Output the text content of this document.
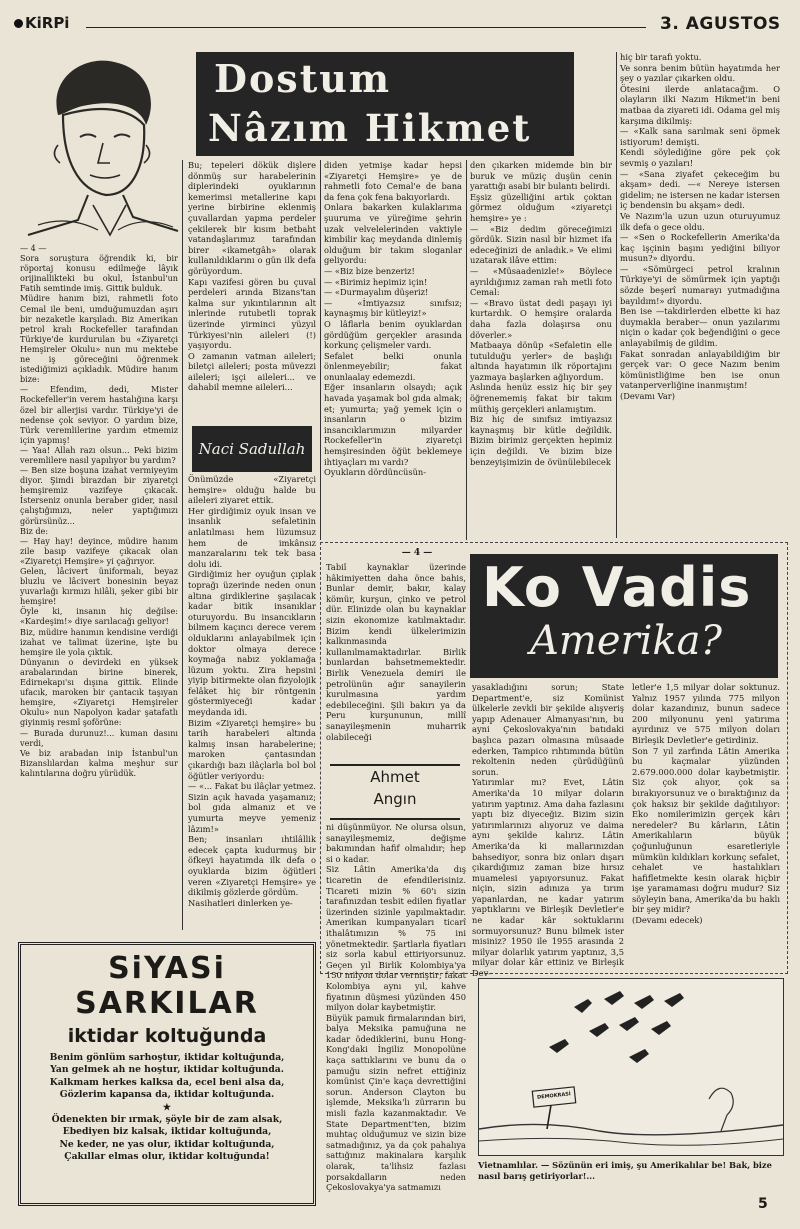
KiRPi	3. AGUSTOS
Dostum
Nâzım Hikmet
— 4 —
Sora soruştura öğrendik ki, bir röportaj konusu edilmeğe lâyık orijinallikteki bu okul, İstanbul'un Fatih semtinde imiş. Gittik bulduk.
Müdire hanım bizi, rahmetli foto Cemal ile beni, umduğumuzdan aşırı bir nezaketle karşıladı. Biz Amerikan petrol kralı Rockefeller tarafından Türkiye'de kurdurulan bu «Ziyaretçi Hemşireler Okulu» nun mu mektebe ne iş göreceğini öğrenmek istediğimizi açıkladık. Müdire hanım bize:
— Efendim, dedi, Mister Rockefeller'in verem hastalığına karşı özel bir allerjisi vardır. Türkiye'yi de nedense çok seviyor. O yardım bize, Türk veremlilerine yardım etmemiz için yapmış!
— Yaa! Allah razı olsun... Peki bizim veremlilere nasıl yapılıyor bu yardım?
— Ben size boşuna izahat vermiyeyim diyor. Şimdi birazdan bir ziyaretçi hemşiremiz vazifeye çıkacak. İsterseniz onunla beraber gider, nasıl çalıştığımızı, neler yaptığımızı görürsünüz...
Biz de:
— Hay hay! deyince, müdire hanım zile basıp vazifeye çıkacak olan «Ziyaretçi Hemşire» yi çağırıyor.
Gelen, lâcivert üniformalı, beyaz bluzlu ve lâcivert bonesinin beyaz yuvarlağı kırmızı hilâli, şeker gibi bir hemşire!
Öyle ki, insanın hiç değilse: «Kardeşim!» diye sarılacağı geliyor!
Biz, müdire hanımın kendisine verdiği izahat ve talimat üzerine, işte bu hemşire ile yola çıktık.
Dünyanın o devirdeki en yüksek arabalarından birine binerek, Edirnekapı'sı dışına gittik. Elinde ufacık, maroken bir çantacık taşıyan hemşire, «Ziyaretçi Hemşireler Okulu» nun Napolyon kadar şatafatlı giyinmiş resmî şoförüne:
— Burada durunuz!... kuman dasını verdi,
Ve biz arabadan inip İstanbul'un Bizanslılardan kalma meşhur sur kalıntılarına doğru yürüdük.
Bu; tepeleri dökük dişlere dönmüş sur harabelerinin diplerindeki oyuklarının kemerimsi metallerine kapı yerine birbirine eklenmiş çuvallardan yapma perdeler çekilerek bir kısım betbaht vatandaşlarımız tarafından birer «ikametgâh» olarak kullanıldıklarını o gün ilk defa görüyordum.
Kapı vazifesi gören bu çuval perdeleri arında Bizans'tan kalma sur yıkıntılarının alt inlerinde rutubetli toprak üzerinde yirminci yüzyıl Türkiyesi'nin aileleri (!) yaşıyordu.
O zamanın vatman aileleri; biletçi aileleri; posta müvezzi aileleri; işçi aileleri... ve dahabil memne aileleri...
Naci Sadullah
Önümüzde «Ziyaretçi hemşire» olduğu halde bu aileleri ziyaret ettik.
Her girdiğimiz oyuk insan ve insanlık sefaletinin anlatılması hem lüzumsuz hem de imkânsız manzaralarını tek tek basa dolu idi.
Girdiğimiz her oyuğun çıplak toprağı üzerinde neden onun altına girdiklerine şaşılacak kadar bitik insanıklar oturuyordu. Bu insancıkların bilmem kaçıncı derece verem olduklarını anlayabilmek için doktor olmaya derece koymağa nabız yoklamağa lüzum yoktu. Zira hepsini yiyip bitirmekte olan fizyolojik felâket hiç bir röntgenin göstermiyeceği kadar meydanda idi.
Bizim «Ziyaretçi hemşire» bu tarih harabeleri altında kalmış insan harabelerine; maroken çantasından çıkardığı bazı ilâçlarla bol bol öğütler veriyordu:
— «... Fakat bu ilâçlar yetmez. Sizin açık havada yaşamanız; bol gıda almanız et ve yumurta meyve yemeniz lâzım!»
Ben; insanları ıhtilâllik edecek çapta kudurmuş bir öfkeyi hayatımda ilk defa o oyuklarda bizim öğütleri veren «Ziyaretçi Hemşire» ye dikilmiş gözlerde gördüm.
Nasihatleri dinlerken ye-
diden yetmişe kadar hepsi «Ziyaretçi Hemşire» ye de rahmetli foto Cemal'e de bana da fena çok fena bakıyorlardı.
Onlara bakarken kulaklarıma şuuruma ve yüreğime şehrin uzak velvelelerinden vaktiyle kimbilir kaç meydanda dinlemiş olduğum bir takım sloganlar geliyordu:
— «Biz bize benzeriz!
— «Birimiz hepimiz için!
— «Durmayalım düşeriz!
— «İmtiyazsız sınıfsız; kaynaşmış bir kütleyiz!»
O lâflarla benim oyuklardan gördüğüm gerçekler arasında korkunç çelişmeler vardı.
Sefalet belki onunla önlenmeyebilir; fakat onunlaalay edemezdi.
Eğer insanların olsaydı; açık havada yaşamak bol gıda almak; et; yumurta; yağ yemek için o insanların o bizim insancıklarımızın milyarder Rockefeller'in ziyaretçi hemşiresinden öğüt beklemeye ihtiyaçları mı vardı?
Oyukların dördüncüsün-
den çıkarken midemde bin bir buruk ve müziç duşün cenin yarattığı asabi bir bulantı belirdi.
Eşsiz güzelliğini artık çoktan görmez olduğum «ziyaretçi hemşire» ye :
— «Biz dedim göreceğimizi gördük. Sizin nasıl bir hizmet ifa edeceğinizi de anladık.» Ve elimi uzatarak ilâve ettim:
— «Müsaadenizle!» Böylece ayrıldığımız zaman rah metli foto Cemal:
— «Bravo üstat dedi paşayı iyi kurtardık. O hemşire oralarda daha fazla dolaşırsa onu döverler.»
Matbaaya dönüp «Sefaletin elle tutulduğu yerler» de başlığı altında hayatımın ilk röportajını yazmaya başlarken ağlıyordum.
Aslında henüz essiz hiç bir şey öğrenememiş fakat bir takım müthiş gerçekleri anlamıştım.
Biz hiç de sınıfsız imtiyazsız kaynaşmış bir kütle değildik. Bizim birimiz gerçekten hepimiz için değildi. Ve bizim bize benzeyişimizin de övünülebilecek
hiç bir tarafı yoktu.
Ve sonra benim bütün hayatımda her şey o yazılar çıkarken oldu.
Ötesini ilerde anlatacağım. O olayların ilki Nazım Hikmet'in beni matbaa da ziyareti idi. Odama gel miş karşıma dikilmiş:
— «Kalk sana sarılmak seni öpmek istiyorum! demişti.
Kendi söylediğine göre pek çok sevmiş o yazıları!
— «Sana ziyafet çekeceğim bu akşam» dedi. —« Nereye istersen gidelim; ne istersen ne kadar istersen iç bendensin bu akşam» dedi.
Ve Nazım'la uzun uzun oturuyumuz ilk defa o gece oldu.
— «Sen o Rockefellerin Amerika'da kaç işçinin başını yediğini biliyor musun?» diyordu.
— «Sömürgeci petrol kralının Türkiye'yi de sömürmek için yaptığı sözde beşerî numarayı yutmadığına bayıldım!» diyordu.
Ben ise —takdirlerden elbette ki haz duymakla beraber— onun yazılarımı niçin o kadar çok beğendiğini o gece anlayabilmiş de gildim.
Fakat sonradan anlayabildiğim bir gerçek var: O gece Nazım benim kömünistliğime ben ise onun vatanperverliğine inanmıştım!
(Devamı Var)
— 4 —
Tabiî kaynaklar üzerinde hâkimiyetten daha önce bahis, Bunlar demir, bakır, kalay kömür, kurşun, çinko ve petrol dür. Elinizde olan bu kaynaklar sizin ekonomize katılmaktadır. Bizim kendi ülkelerimizin kalkınmasında kullanılmamaktadırlar. Birlik bunlardan bahsetmemektedir. Birlik Venezuela demiri ile petrolünün ağır sanayilerin kurulmasına yardım edebileceğini. Şili bakırı ya da Peru kurşununun, millî sanayileşmenin muharrik olabileceği
Ko Vadis
Amerika?
Ahmet
Angın
ni düşünmüyor. Ne olursa olsun, sanayileşmemiz, değişme bakımından hafif olmalıdır; hep si o kadar.
Siz Lâtin Amerika'da dış ticaretin de efendilerisiniz. Ticareti mizin % 60'ı sizin tarafınızdan tesbit edilen fiyatlar üzerinden sizinle yapılmaktadır. Amerikan kumpanyaları ticarî ithalâtımızın % 75 ini yönetmektedir. Şartlarla fiyatları siz sorla kabul ettiriyorsunuz. Geçen yıl Birlik Kolombiya'ya 150 milyon dolar vermiştir; fakat Kolombiya aynı yıl, kahve fiyatının düşmesi yüzünden 450 milyon dolar kaybetmiştir.
Büyük pamuk firmalarından biri, balya Meksika pamuğuna ne kadar ödediklerini, bunu Hong-Kong'daki İngiliz Monopolüne kaça sattıklarını ve bunu da o pamuğu sizin nefret ettiğiniz komünist Çin'e kaça devrettiğini sorun. Anderson Clayton bu işlemde, Meksika'lı zürrarın bu misli fazla kazanmaktadır. Ve State Department'ten, bizim muhtaç olduğumuz ve sizin bize satmadığınız, ya da çok pahalıya sattığınız makinalara karşılık olarak, ta'lihsiz fazlası porsakdalların neden Çekoslovakya'ya satmamızı
yasakladığını sorun; State Department'e, siz Komünist ülkelerle zevkli bir şekilde alışveriş yapıp Adenauer Almanyası'nın, bu ayni Çekoslovakya'nın batıdaki başlıca pazarı olmasına müsaade ederken, Tampico rıhtımında bütün rekoltenin neden çürüdüğünü sorun.
Yatırımlar mı? Evet, Lâtin Amerika'da 10 milyar doların yatırım yaptınız. Ama daha fazlasını yaptı biz diyeceğiz. Bizim sizin yatırımlarınızı alıyoruz ve daima aynı şekilde kalırız. Lâtin Amerika'da ki mallarınızdan bahsediyor, sonra biz onları dışarı çıkardığımız zaman bize hırsız muamelesi yapıyorsunuz. Fakat niçin, sizin adınıza ya tırım yapanlardan, ne kadar yatırım yaptıklarını ve Birleşik Devletler'e ne kadar kâr soktuklarını sormuyorsunuz? Bunu bilmek ister misiniz? 1950 ile 1955 arasında 2 milyar dolarlık yatırım yaptınız, 3,5 milyar dolar kâr ettiniz ve Birleşik Dev-
letler'e 1,5 milyar dolar soktunuz. Yalnız 1957 yılında 775 milyon dolar kazandınız, bunun sadece 200 milyonunu yeni yatırıma ayırdınız ve 575 milyon doları Birleşik Devletler'e getirdiniz.
Son 7 yıl zarfında Lâtin Amerika bu kaçmalar yüzünden 2.679.000.000 dolar kaybetmiştir. Siz çok alıyor, çok sa bırakıyorsunuz ve o bıraktığınız da çok haksız bir şekilde dağıtılıyor: Eko nomilerimizin gerçek kârı neredeler? Bu kârların, Lâtin Amerikalıların büyük çoğunluğunun esaretleriyle mümkün kıldıkları korkunç sefalet, cehalet ve hastalıkları hafifletmekte kesin olarak hiçbir işe yaramaması doğru mudur? Siz söyleyin bana, Amerika'da bu haklı bir şey midir?
(Devamı edecek)
SiYASi SARKILAR
iktidar koltuğunda
Benim gönlüm sarhoştur, iktidar koltuğunda,
Yan gelmek ah ne hoştur, iktidar koltuğunda.
Kalkmam herkes kalksa da, ecel beni alsa da,
Gözlerim kapansa da, iktidar koltuğunda.
★
Ödenekten bir ırmak, şöyle bir de zam alsak,
Ebediyen biz kalsak, iktidar koltuğunda,
Ne keder, ne yas olur, iktidar koltuğunda,
Çakıllar elmas olur, iktidar koltuğunda!
DEMOKRASİ
Vietnamlılar. — Sözünün eri imiş, şu Amerikalılar be! Bak, bize nasıl barış getiriyorlar!...
5
